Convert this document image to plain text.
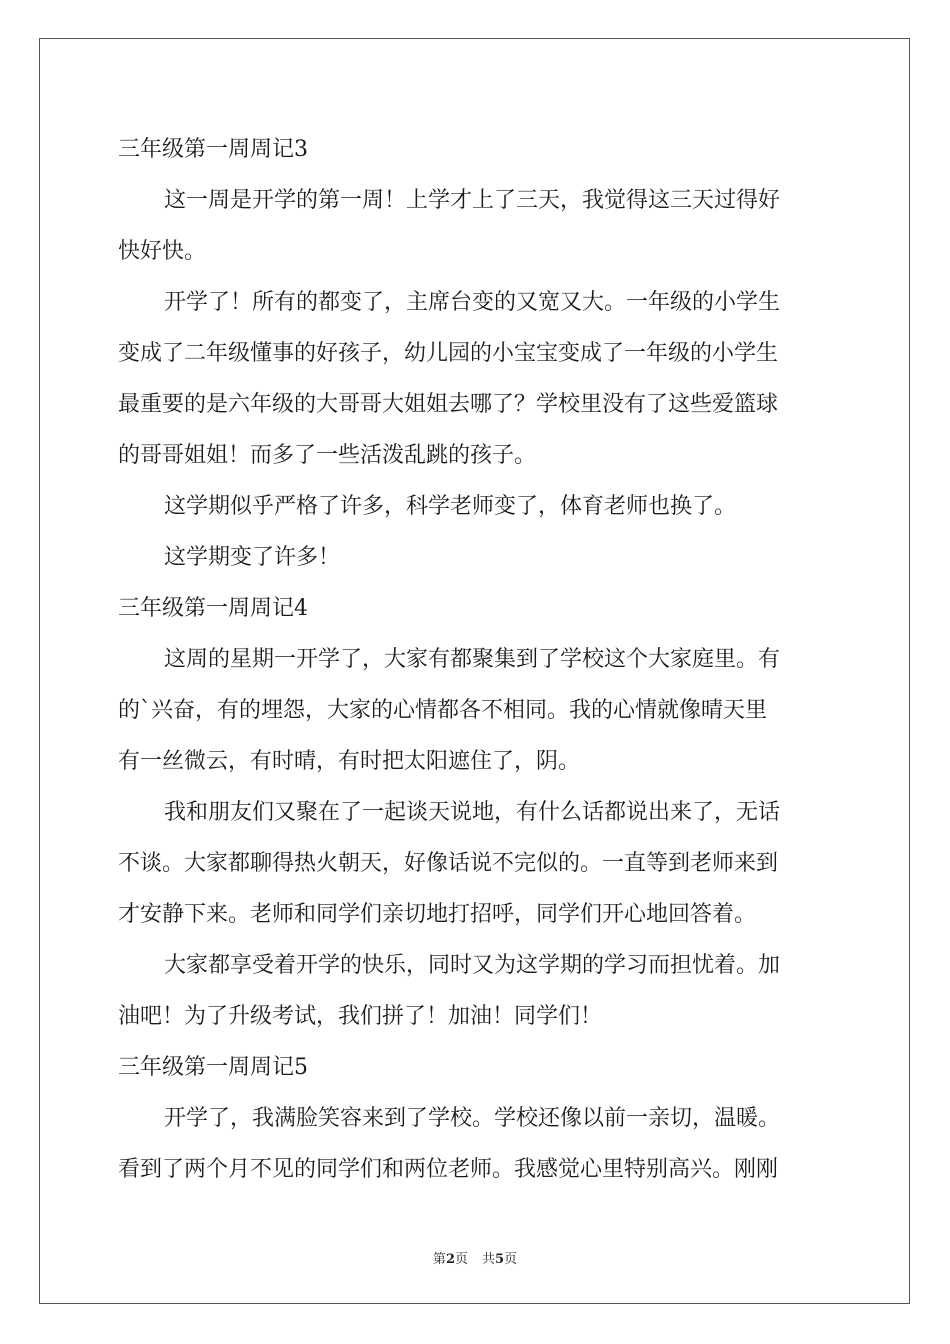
三年级第一周周记3
这一周是开学的第一周！上学才上了三天，我觉得这三天过得好
快好快。
开学了！所有的都变了，主席台变的又宽又大。一年级的小学生
变成了二年级懂事的好孩子，幼儿园的小宝宝变成了一年级的小学生
最重要的是六年级的大哥哥大姐姐去哪了？学校里没有了这些爱篮球
的哥哥姐姐！而多了一些活泼乱跳的孩子。
这学期似乎严格了许多，科学老师变了，体育老师也换了。
这学期变了许多！
三年级第一周周记4
这周的星期一开学了，大家有都聚集到了学校这个大家庭里。有
的`兴奋，有的埋怨，大家的心情都各不相同。我的心情就像晴天里
有一丝微云，有时晴，有时把太阳遮住了，阴。
我和朋友们又聚在了一起谈天说地，有什么话都说出来了，无话
不谈。大家都聊得热火朝天，好像话说不完似的。一直等到老师来到
才安静下来。老师和同学们亲切地打招呼，同学们开心地回答着。
大家都享受着开学的快乐，同时又为这学期的学习而担忧着。加
油吧！为了升级考试，我们拼了！加油！同学们！
三年级第一周周记5
开学了，我满脸笑容来到了学校。学校还像以前一亲切，温暖。
看到了两个月不见的同学们和两位老师。我感觉心里特别高兴。刚刚
第2页 共5页
